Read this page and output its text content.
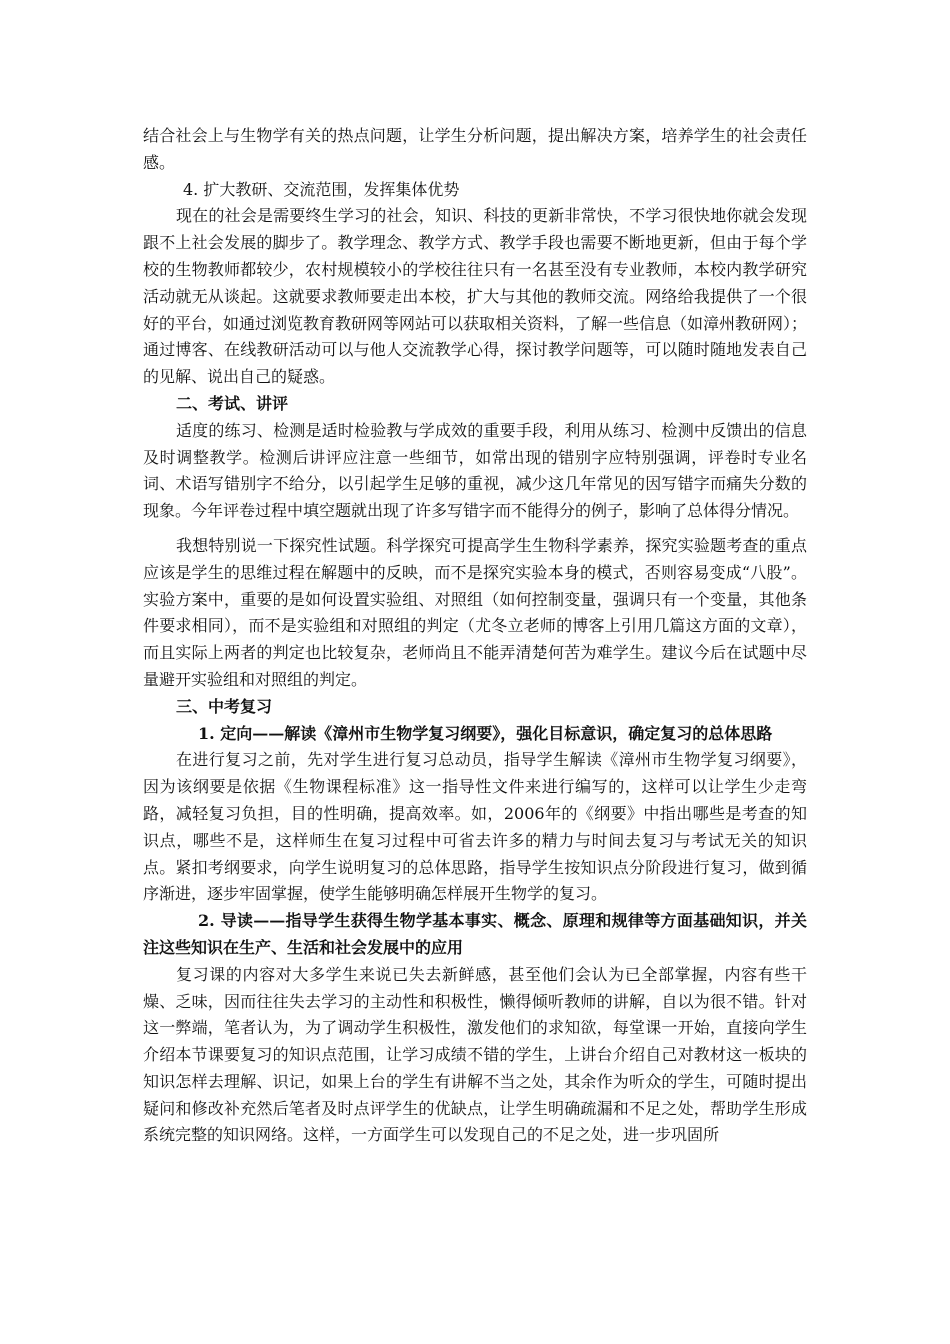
结合社会上与生物学有关的热点问题，让学生分析问题，提出解决方案，培养学生的社会责任感。

4. 扩大教研、交流范围，发挥集体优势

现在的社会是需要终生学习的社会，知识、科技的更新非常快，不学习很快地你就会发现跟不上社会发展的脚步了。教学理念、教学方式、教学手段也需要不断地更新，但由于每个学校的生物教师都较少，农村规模较小的学校往往只有一名甚至没有专业教师，本校内教学研究活动就无从谈起。这就要求教师要走出本校，扩大与其他的教师交流。网络给我提供了一个很好的平台，如通过浏览教育教研网等网站可以获取相关资料，了解一些信息（如漳州教研网）；通过博客、在线教研活动可以与他人交流教学心得，探讨教学问题等，可以随时随地发表自己的见解、说出自己的疑惑。

二、考试、讲评

适度的练习、检测是适时检验教与学成效的重要手段，利用从练习、检测中反馈出的信息及时调整教学。检测后讲评应注意一些细节，如常出现的错别字应特别强调，评卷时专业名词、术语写错别字不给分，以引起学生足够的重视，减少这几年常见的因写错字而痛失分数的现象。今年评卷过程中填空题就出现了许多写错字而不能得分的例子，影响了总体得分情况。

我想特别说一下探究性试题。科学探究可提高学生生物科学素养，探究实验题考查的重点应该是学生的思维过程在解题中的反映，而不是探究实验本身的模式，否则容易变成“八股”。实验方案中，重要的是如何设置实验组、对照组（如何控制变量，强调只有一个变量，其他条件要求相同），而不是实验组和对照组的判定（尤冬立老师的博客上引用几篇这方面的文章），而且实际上两者的判定也比较复杂，老师尚且不能弄清楚何苦为难学生。建议今后在试题中尽量避开实验组和对照组的判定。

三、中考复习

1. 定向——解读《漳州市生物学复习纲要》，强化目标意识，确定复习的总体思路

在进行复习之前，先对学生进行复习总动员，指导学生解读《漳州市生物学复习纲要》，因为该纲要是依据《生物课程标准》这一指导性文件来进行编写的，这样可以让学生少走弯路，减轻复习负担，目的性明确，提高效率。如，2006年的《纲要》中指出哪些是考查的知识点，哪些不是，这样师生在复习过程中可省去许多的精力与时间去复习与考试无关的知识点。紧扣考纲要求，向学生说明复习的总体思路，指导学生按知识点分阶段进行复习，做到循序渐进，逐步牢固掌握，使学生能够明确怎样展开生物学的复习。

2. 导读——指导学生获得生物学基本事实、概念、原理和规律等方面基础知识，并关注这些知识在生产、生活和社会发展中的应用

复习课的内容对大多学生来说已失去新鲜感，甚至他们会认为已全部掌握，内容有些干燥、乏味，因而往往失去学习的主动性和积极性，懒得倾听教师的讲解，自以为很不错。针对这一弊端，笔者认为，为了调动学生积极性，激发他们的求知欲，每堂课一开始，直接向学生介绍本节课要复习的知识点范围，让学习成绩不错的学生，上讲台介绍自己对教材这一板块的知识怎样去理解、识记，如果上台的学生有讲解不当之处，其余作为听众的学生，可随时提出疑问和修改补充然后笔者及时点评学生的优缺点，让学生明确疏漏和不足之处，帮助学生形成系统完整的知识网络。这样，一方面学生可以发现自己的不足之处，进一步巩固所
